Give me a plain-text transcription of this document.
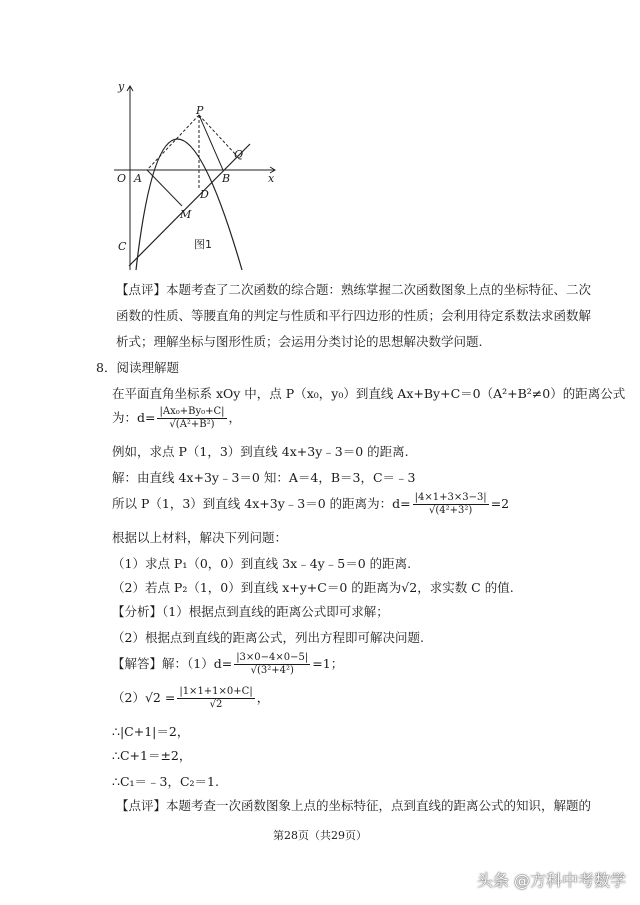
y
x
O A	B
C
D
M
P
Q
图1
【点评】本题考查了二次函数的综合题：熟练掌握二次函数图象上点的坐标特征、二次
函数的性质、等腰直角的判定与性质和平行四边形的性质；会利用待定系数法求函数解
析式；理解坐标与图形性质；会运用分类讨论的思想解决数学问题.
8．阅读理解题
在平面直角坐标系 xOy 中，点 P（x₀，y₀）到直线 Ax+By+C＝0（A²+B²≠0）的距离公式
为：$d= \frac{\text{|Ax₀+By₀+C|}}{\text{√(A²+B²)}}$ ，
例如，求点 P（1，3）到直线 4x+3y﹣3＝0 的距离.
解：由直线 4x+3y﹣3＝0 知：A＝4，B＝3，C＝﹣3
所以 P（1，3）到直线 4x+3y﹣3＝0 的距离为：$d= \frac{|4\times 1+3\times 3-3|}{\text{√(4²+3²)}} =2$
根据以上材料，解决下列问题：
（1）求点 P₁（0，0）到直线 3x﹣4y﹣5＝0 的距离.
（2）若点 P₂（1，0）到直线 x+y+C＝0 的距离为√2，求实数 C 的值.
【分析】（1）根据点到直线的距离公式即可求解；
（2）根据点到直线的距离公式，列出方程即可解决问题.
【解答】解：$(1)d= \frac{|3\times 0-4\times 0-5|}{\text{√(3²+4²)}} =1$；
$(2)√2 = \frac{|1\times 1+1\times 0+C|}{√2}$ ，
∴|C+1|＝2，
∴C+1＝±2，
∴C₁＝﹣3，C₂＝1.
【点评】本题考查一次函数图象上点的坐标特征，点到直线的距离公式的知识，解题的
第28页（共29页）
头条 @方科中考数学
